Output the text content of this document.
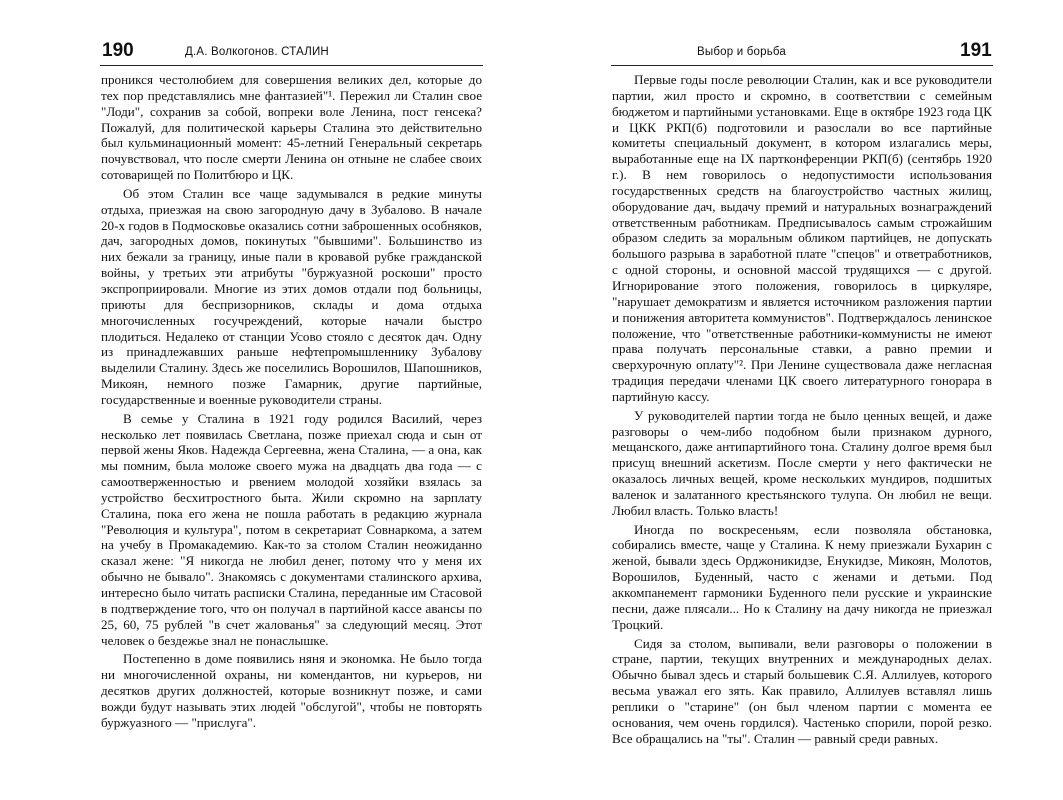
190	Д.А. Волкогонов. СТАЛИН

проникся честолюбием для совершения великих дел, которые до тех пор представлялись мне фантазией"¹. Пережил ли Сталин свое "Лоди", сохранив за собой, вопреки воле Ленина, пост генсека? Пожалуй, для политической карьеры Сталина это действительно был кульминационный момент: 45-летний Генеральный секретарь почувствовал, что после смерти Ленина он отныне не слабее своих сотоварищей по Политбюро и ЦК.

Об этом Сталин все чаще задумывался в редкие минуты отдыха, приезжая на свою загородную дачу в Зубалово. В начале 20-х годов в Подмосковье оказались сотни заброшенных особняков, дач, загородных домов, покинутых "бывшими". Большинство из них бежали за границу, иные пали в кровавой рубке гражданской войны, у третьих эти атрибуты "буржуазной роскоши" просто экспроприировали. Многие из этих домов отдали под больницы, приюты для беспризорников, склады и дома отдыха многочисленных госучреждений, которые начали быстро плодиться. Недалеко от станции Усово стояло с десяток дач. Одну из принадлежавших раньше нефтепромышленнику Зубалову выделили Сталину. Здесь же поселились Ворошилов, Шапошников, Микоян, немного позже Гамарник, другие партийные, государственные и военные руководители страны.

В семье у Сталина в 1921 году родился Василий, через несколько лет появилась Светлана, позже приехал сюда и сын от первой жены Яков. Надежда Сергеевна, жена Сталина, — а она, как мы помним, была моложе своего мужа на двадцать два года — с самоотверженностью и рвением молодой хозяйки взялась за устройство бесхитростного быта. Жили скромно на зарплату Сталина, пока его жена не пошла работать в редакцию журнала "Революция и культура", потом в секретариат Совнаркома, а затем на учебу в Промакадемию. Как-то за столом Сталин неожиданно сказал жене: "Я никогда не любил денег, потому что у меня их обычно не бывало". Знакомясь с документами сталинского архива, интересно было читать расписки Сталина, переданные им Стасовой в подтверждение того, что он получал в партийной кассе авансы по 25, 60, 75 рублей "в счет жалованья" за следующий месяц. Этот человек о бездежье знал не понаслышке.

Постепенно в доме появились няня и экономка. Не было тогда ни многочисленной охраны, ни комендантов, ни курьеров, ни десятков других должностей, которые возникнут позже, и сами вожди будут называть этих людей "обслугой", чтобы не повторять буржуазного — "прислуга".

Выбор и борьба	191

Первые годы после революции Сталин, как и все руководители партии, жил просто и скромно, в соответствии с семейным бюджетом и партийными установками. Еще в октябре 1923 года ЦК и ЦКК РКП(б) подготовили и разослали во все партийные комитеты специальный документ, в котором излагались меры, выработанные еще на IX партконференции РКП(б) (сентябрь 1920 г.). В нем говорилось о недопустимости использования государственных средств на благоустройство частных жилищ, оборудование дач, выдачу премий и натуральных вознаграждений ответственным работникам. Предписывалось самым строжайшим образом следить за моральным обликом партийцев, не допускать большого разрыва в заработной плате "спецов" и ответработников, с одной стороны, и основной массой трудящихся — с другой. Игнорирование этого положения, говорилось в циркуляре, "нарушает демократизм и является источником разложения партии и понижения авторитета коммунистов". Подтверждалось ленинское положение, что "ответственные работники-коммунисты не имеют права получать персональные ставки, а равно премии и сверхурочную оплату"². При Ленине существовала даже негласная традиция передачи членами ЦК своего литературного гонорара в партийную кассу.

У руководителей партии тогда не было ценных вещей, и даже разговоры о чем-либо подобном были признаком дурного, мещанского, даже антипартийного тона. Сталину долгое время был присущ внешний аскетизм. После смерти у него фактически не оказалось личных вещей, кроме нескольких мундиров, подшитых валенок и залатанного крестьянского тулупа. Он любил не вещи. Любил власть. Только власть!

Иногда по воскресеньям, если позволяла обстановка, собирались вместе, чаще у Сталина. К нему приезжали Бухарин с женой, бывали здесь Орджоникидзе, Енукидзе, Микоян, Молотов, Ворошилов, Буденный, часто с женами и детьми. Под аккомпанемент гармоники Буденного пели русские и украинские песни, даже плясали... Но к Сталину на дачу никогда не приезжал Троцкий.

Сидя за столом, выпивали, вели разговоры о положении в стране, партии, текущих внутренних и международных делах. Обычно бывал здесь и старый большевик С.Я. Аллилуев, которого весьма уважал его зять. Как правило, Аллилуев вставлял лишь реплики о "старине" (он был членом партии с момента ее основания, чем очень гордился). Частенько спорили, порой резко. Все обращались на "ты". Сталин — равный среди равных.
